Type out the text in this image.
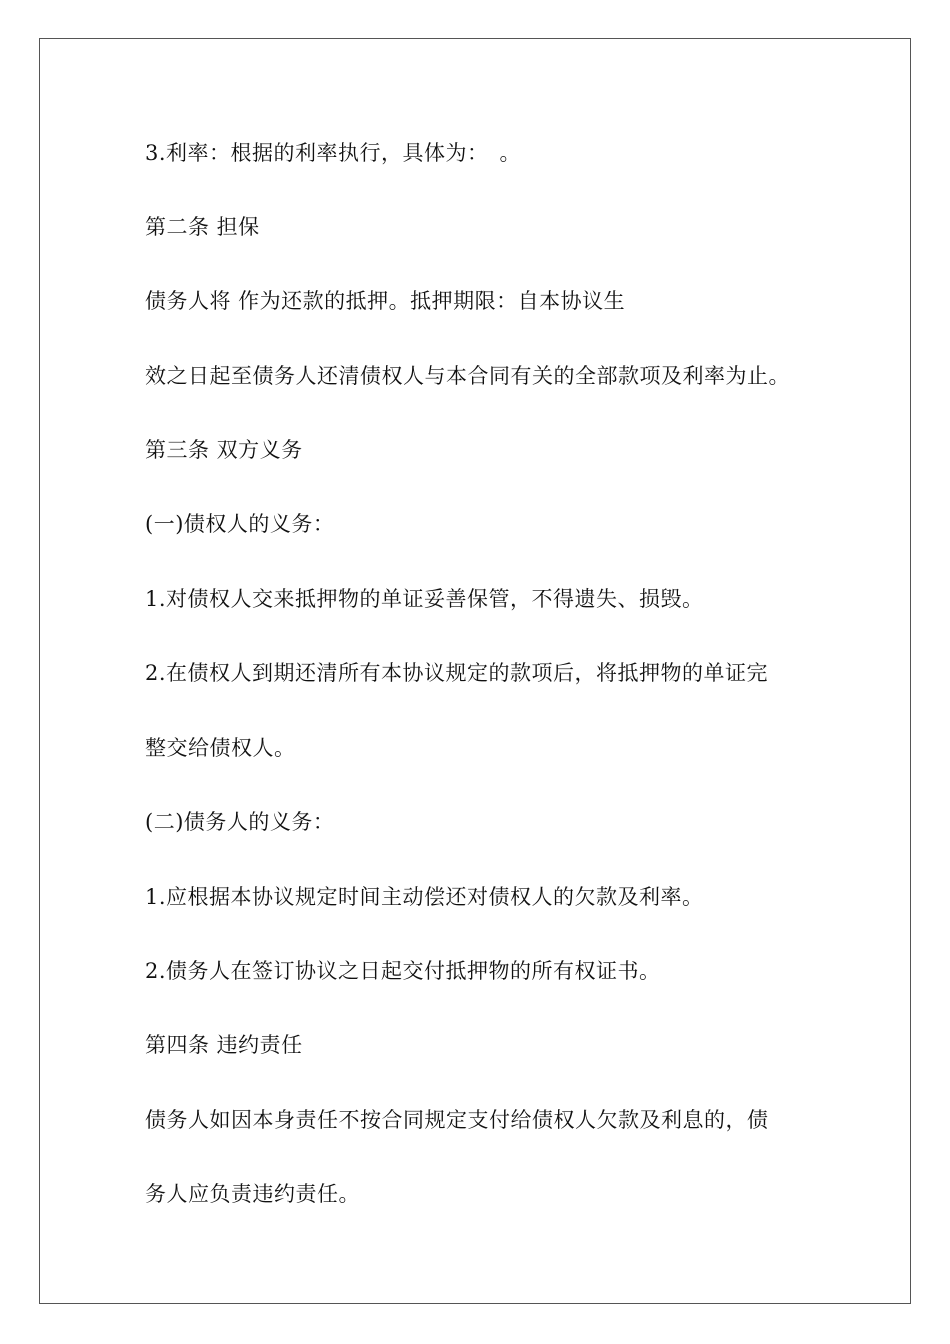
3.利率：根据的利率执行，具体为：　。
第二条 担保
债务人将 作为还款的抵押。抵押期限：自本协议生
效之日起至债务人还清债权人与本合同有关的全部款项及利率为止。
第三条 双方义务
(一)债权人的义务：
1.对债权人交来抵押物的单证妥善保管，不得遗失、损毁。
2.在债权人到期还清所有本协议规定的款项后，将抵押物的单证完
整交给债权人。
(二)债务人的义务：
1.应根据本协议规定时间主动偿还对债权人的欠款及利率。
2.债务人在签订协议之日起交付抵押物的所有权证书。
第四条 违约责任
债务人如因本身责任不按合同规定支付给债权人欠款及利息的，债
务人应负责违约责任。
